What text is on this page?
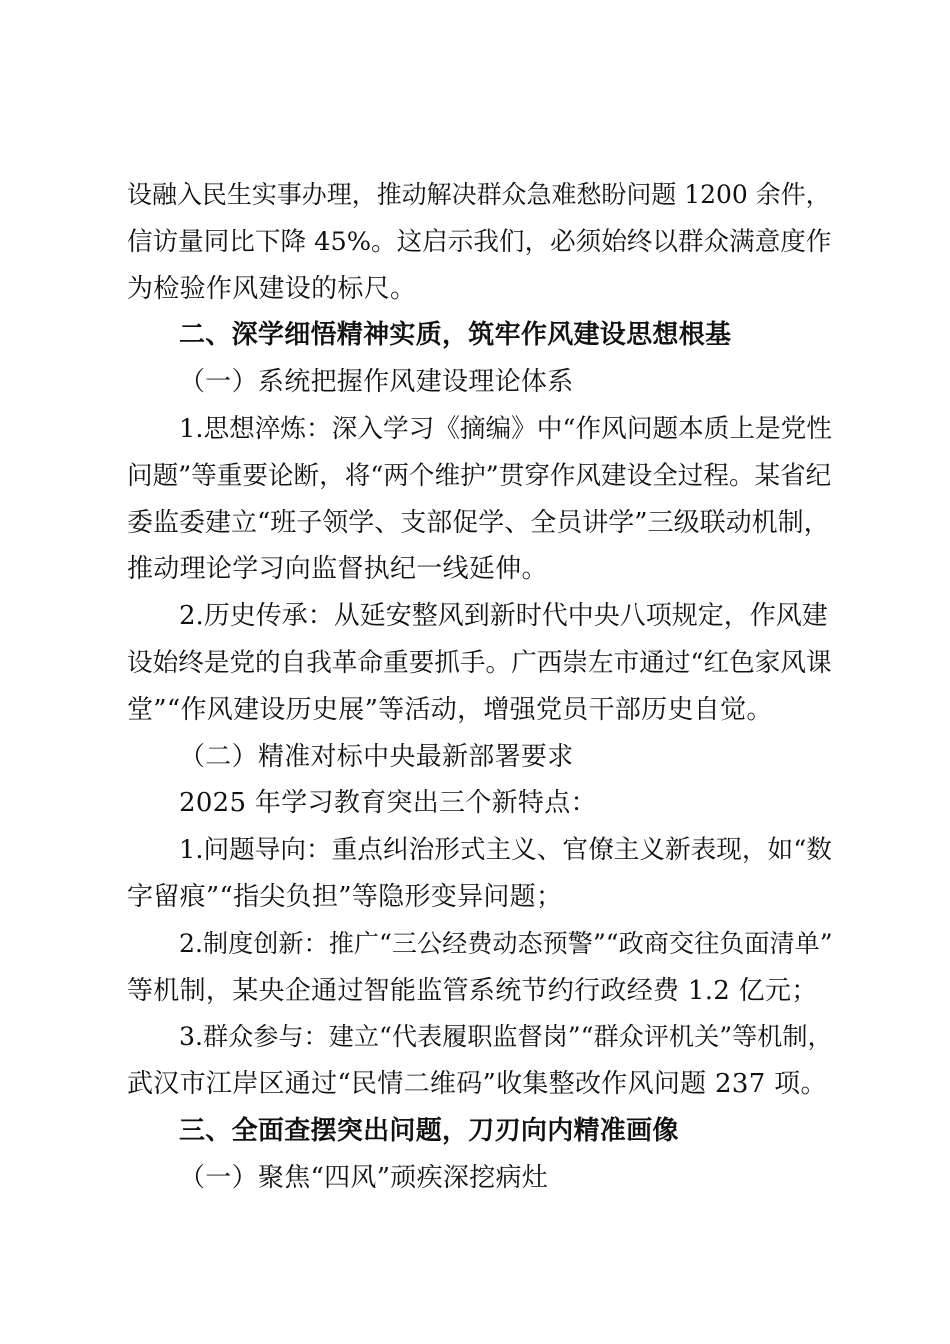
设融入民生实事办理，推动解决群众急难愁盼问题 1200 余件，
信访量同比下降 45%。这启示我们，必须始终以群众满意度作
为检验作风建设的标尺。
二、深学细悟精神实质，筑牢作风建设思想根基
（一）系统把握作风建设理论体系
1.思想淬炼：深入学习《摘编》中“作风问题本质上是党性
问题”等重要论断，将“两个维护”贯穿作风建设全过程。某省纪
委监委建立“班子领学、支部促学、全员讲学”三级联动机制，
推动理论学习向监督执纪一线延伸。
2.历史传承：从延安整风到新时代中央八项规定，作风建
设始终是党的自我革命重要抓手。广西崇左市通过“红色家风课
堂”“作风建设历史展”等活动，增强党员干部历史自觉。
（二）精准对标中央最新部署要求
2025 年学习教育突出三个新特点：
1.问题导向：重点纠治形式主义、官僚主义新表现，如“数
字留痕”“指尖负担”等隐形变异问题；
2.制度创新：推广“三公经费动态预警”“政商交往负面清单”
等机制，某央企通过智能监管系统节约行政经费 1.2 亿元；
3.群众参与：建立“代表履职监督岗”“群众评机关”等机制，
武汉市江岸区通过“民情二维码”收集整改作风问题 237 项。
三、全面查摆突出问题，刀刃向内精准画像
（一）聚焦“四风”顽疾深挖病灶
